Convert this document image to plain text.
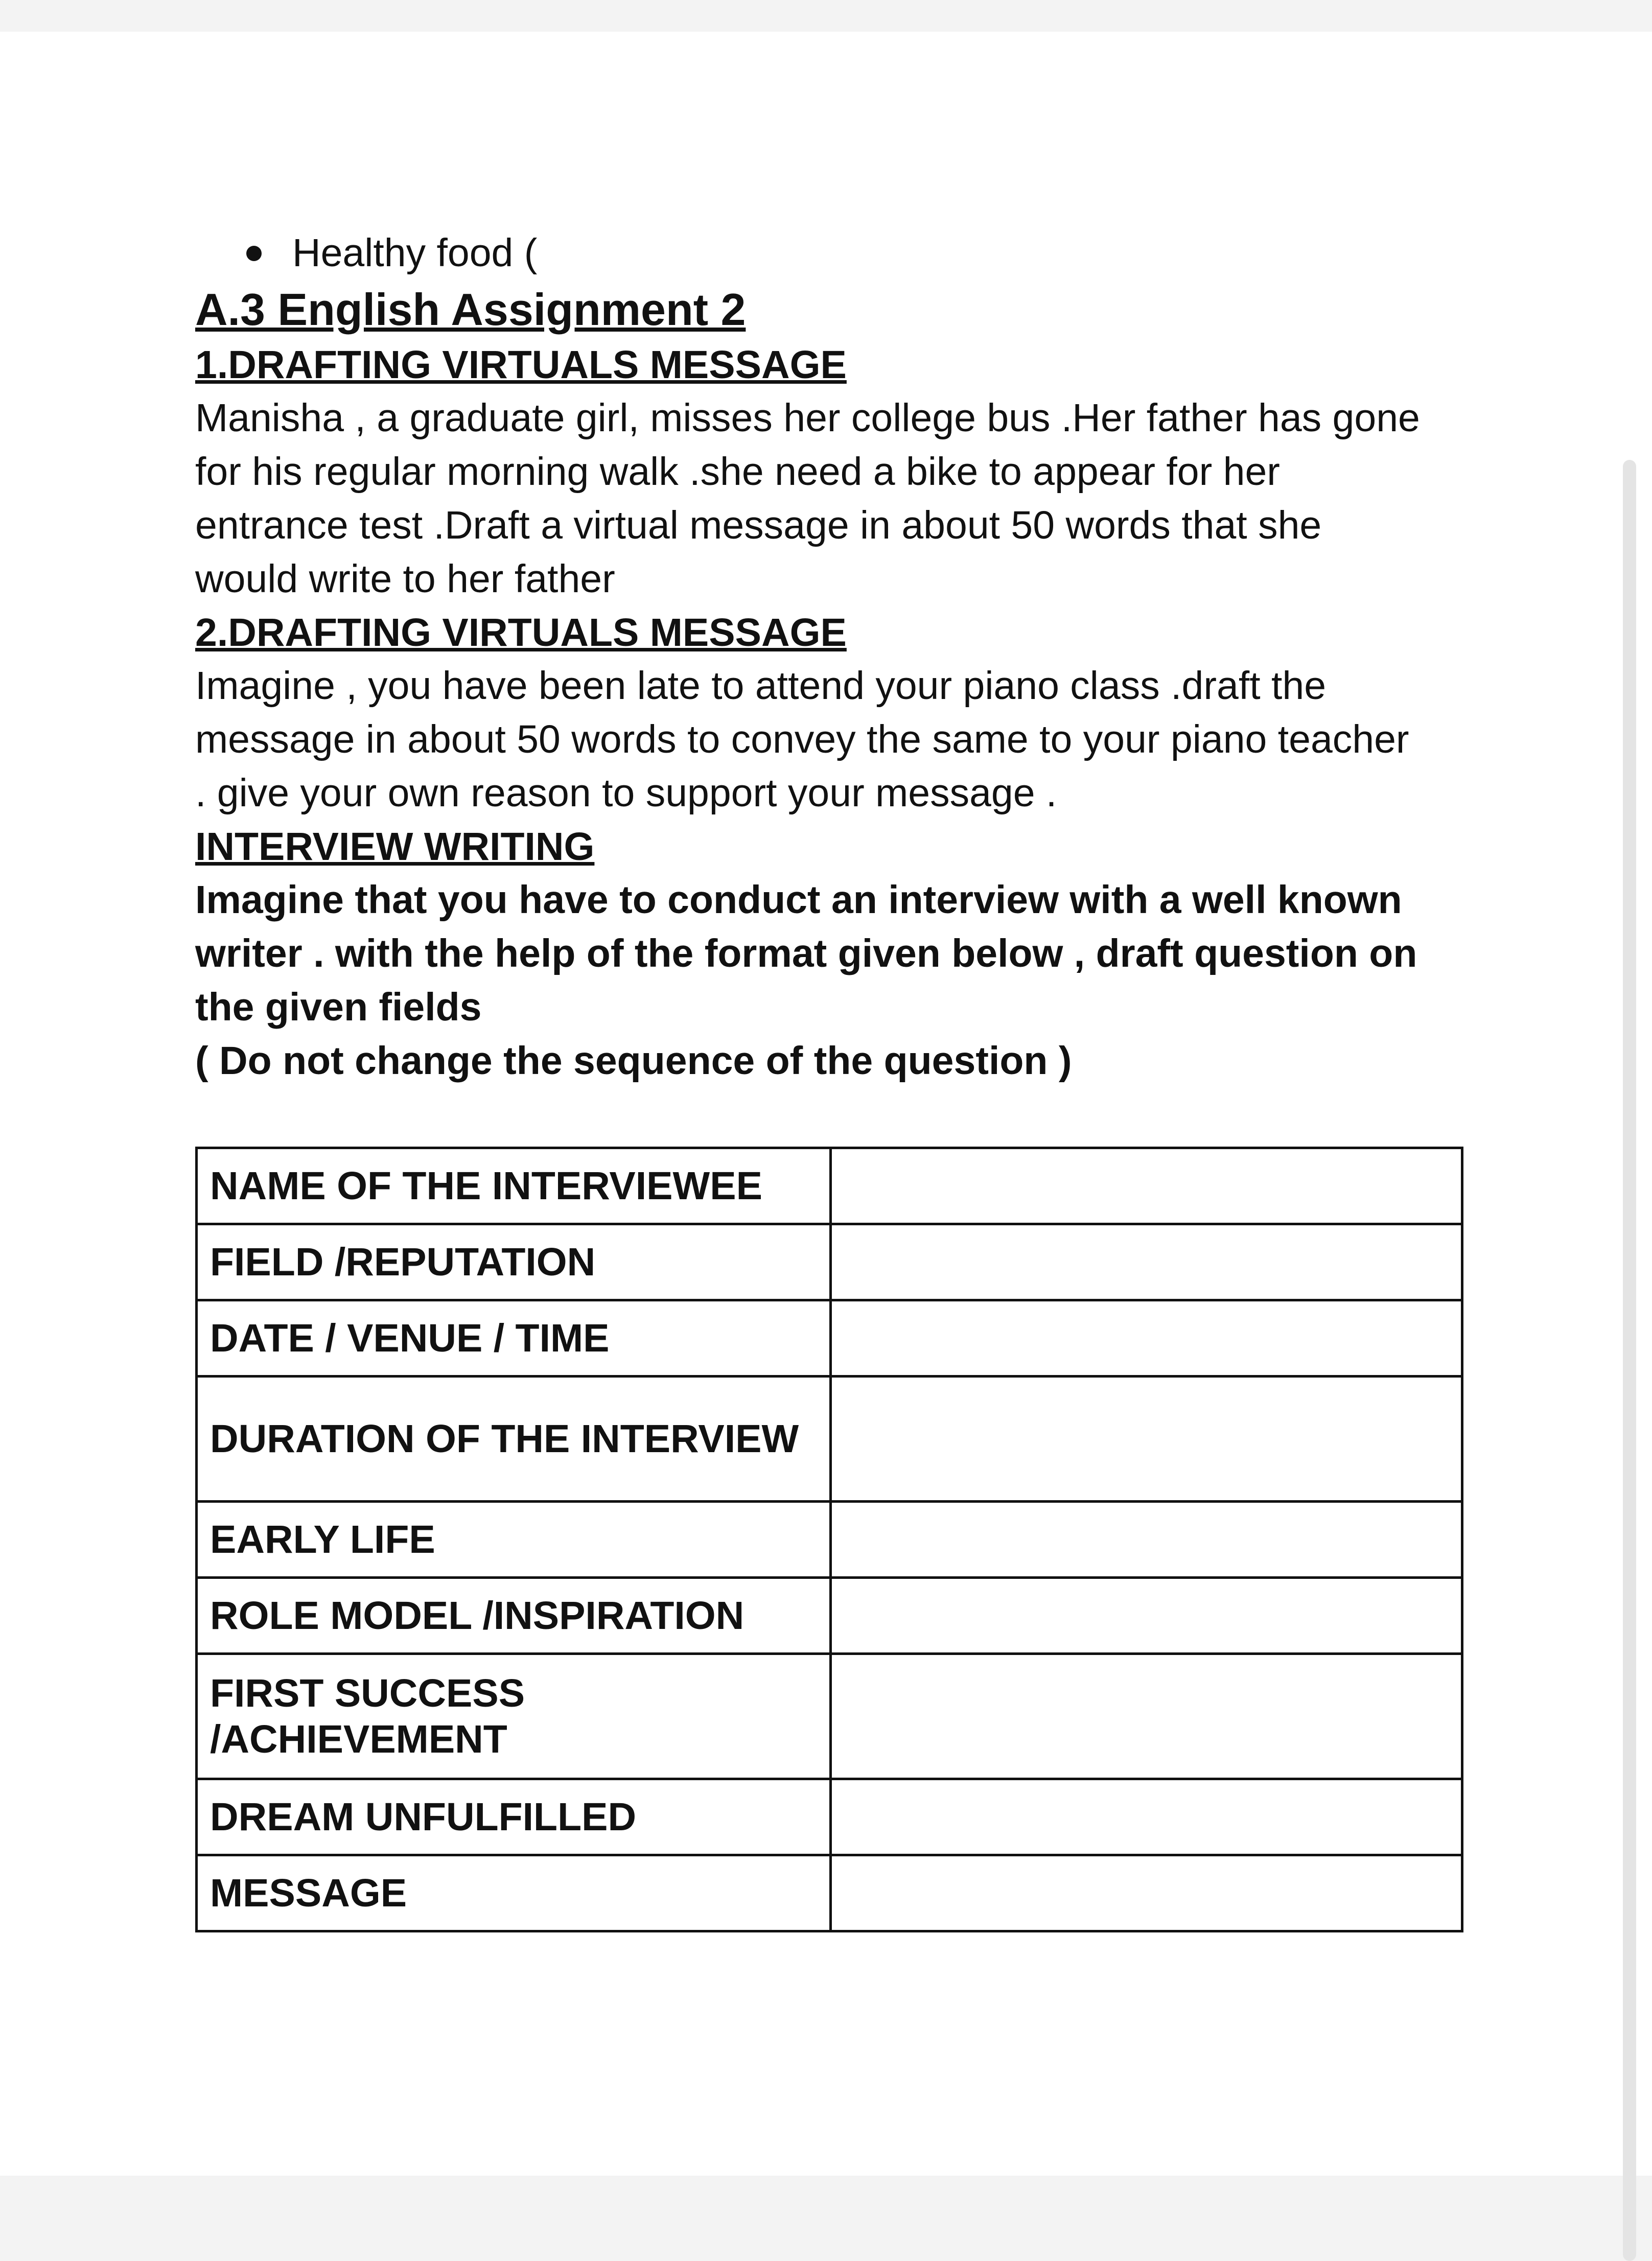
Healthy food (
A.3 English Assignment 2
1.DRAFTING VIRTUALS MESSAGE

Manisha , a graduate girl, misses her college bus .Her father has gone

for his regular morning walk .she need a bike to appear for her

entrance test .Draft a virtual message in about 50 words that she

would write to her father

2.DRAFTING VIRTUALS MESSAGE

Imagine , you have been late to attend your piano class .draft the

message in about 50 words to convey the same to your piano teacher

. give your own reason to support your message .

INTERVIEW WRITING

Imagine that you have to conduct an interview with a well known

writer . with the help of the format given below , draft question on

the given fields

( Do not change the sequence of the question )

NAME OF THE INTERVIEWEE	
FIELD /REPUTATION	
DATE / VENUE / TIME	
DURATION OF THE INTERVIEW	
EARLY LIFE	
ROLE MODEL /INSPIRATION	
FIRST SUCCESS /ACHIEVEMENT	
DREAM UNFULFILLED	
MESSAGE	
